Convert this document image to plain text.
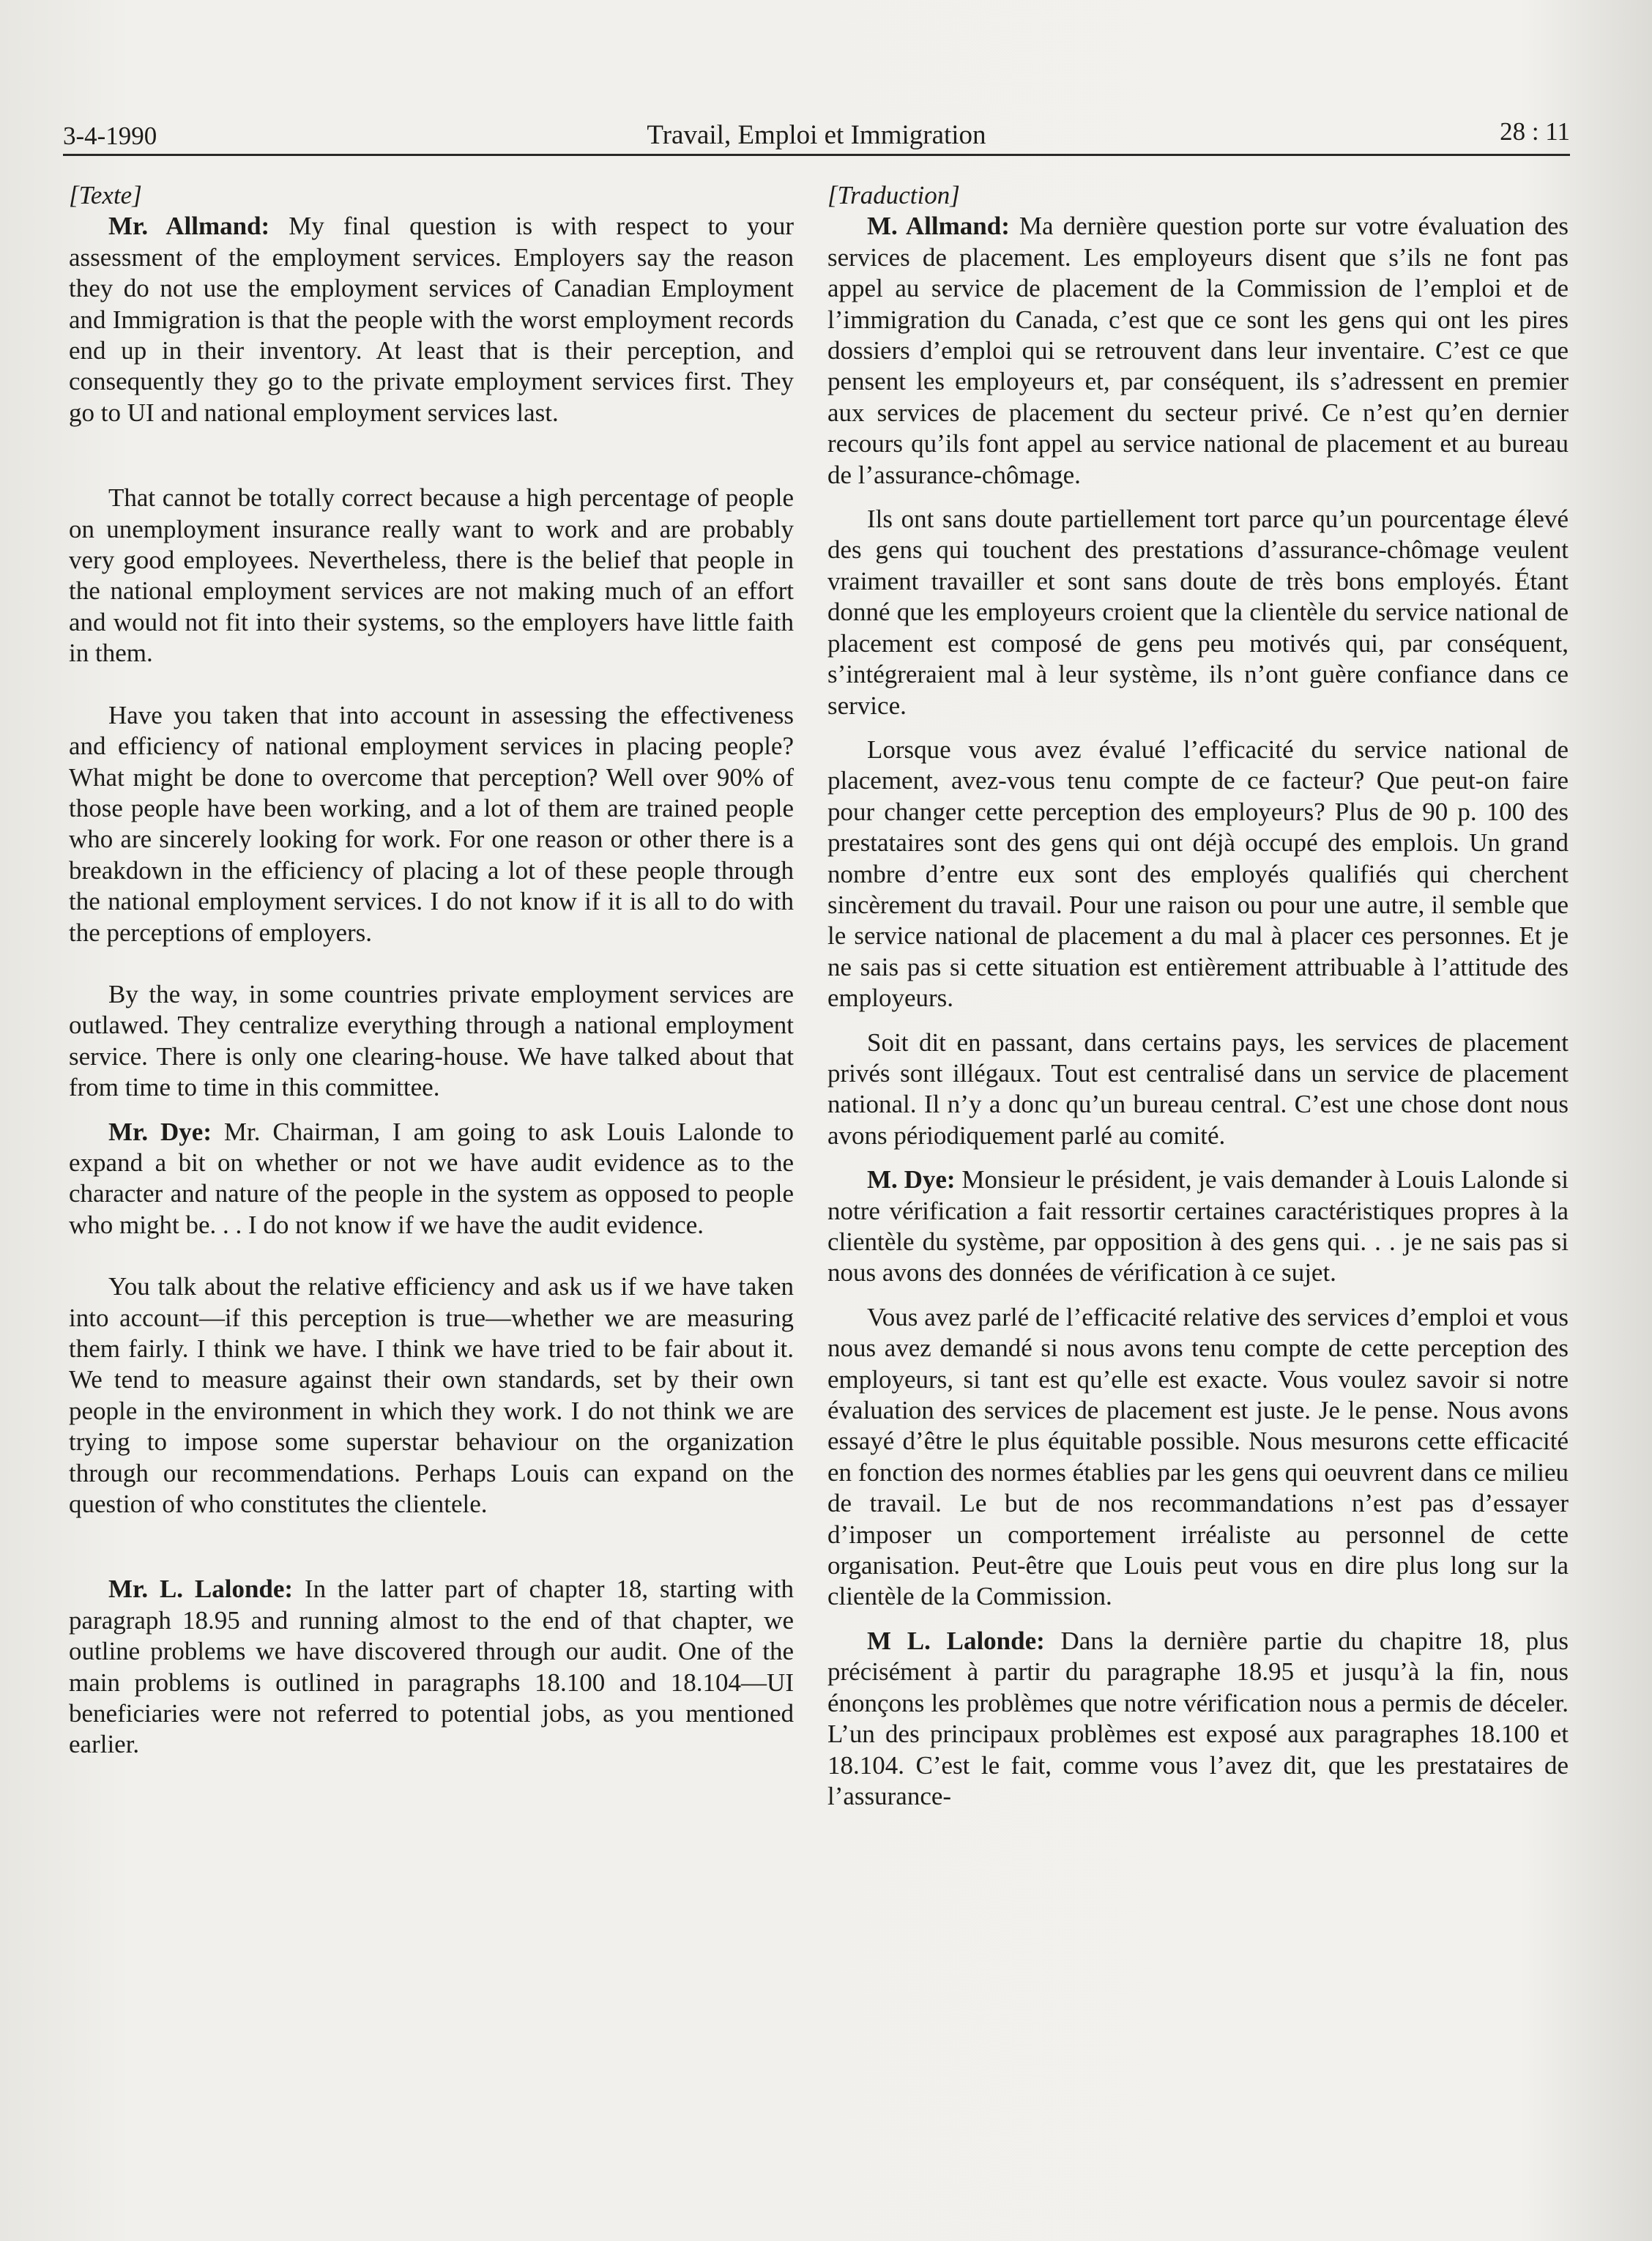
3-4-1990	Travail, Emploi et Immigration	28 : 11

[Texte]

Mr. Allmand: My final question is with respect to your assessment of the employment services. Employers say the reason they do not use the employment services of Canadian Employment and Immigration is that the people with the worst employment records end up in their inventory. At least that is their perception, and consequently they go to the private employment services first. They go to UI and national employment services last.

That cannot be totally correct because a high percentage of people on unemployment insurance really want to work and are probably very good employees. Nevertheless, there is the belief that people in the national employment services are not making much of an effort and would not fit into their systems, so the employers have little faith in them.

Have you taken that into account in assessing the effectiveness and efficiency of national employment services in placing people? What might be done to overcome that perception? Well over 90% of those people have been working, and a lot of them are trained people who are sincerely looking for work. For one reason or other there is a breakdown in the efficiency of placing a lot of these people through the national employment services. I do not know if it is all to do with the perceptions of employers.

By the way, in some countries private employment services are outlawed. They centralize everything through a national employment service. There is only one clearing-house. We have talked about that from time to time in this committee.

Mr. Dye: Mr. Chairman, I am going to ask Louis Lalonde to expand a bit on whether or not we have audit evidence as to the character and nature of the people in the system as opposed to people who might be. . . I do not know if we have the audit evidence.

You talk about the relative efficiency and ask us if we have taken into account—if this perception is true—whether we are measuring them fairly. I think we have. I think we have tried to be fair about it. We tend to measure against their own standards, set by their own people in the environment in which they work. I do not think we are trying to impose some superstar behaviour on the organization through our recommendations. Perhaps Louis can expand on the question of who constitutes the clientele.

Mr. L. Lalonde: In the latter part of chapter 18, starting with paragraph 18.95 and running almost to the end of that chapter, we outline problems we have discovered through our audit. One of the main problems is outlined in paragraphs 18.100 and 18.104—UI beneficiaries were not referred to potential jobs, as you mentioned earlier.

[Traduction]

M. Allmand: Ma dernière question porte sur votre évaluation des services de placement. Les employeurs disent que s’ils ne font pas appel au service de placement de la Commission de l’emploi et de l’immigration du Canada, c’est que ce sont les gens qui ont les pires dossiers d’emploi qui se retrouvent dans leur inventaire. C’est ce que pensent les employeurs et, par conséquent, ils s’adressent en premier aux services de placement du secteur privé. Ce n’est qu’en dernier recours qu’ils font appel au service national de placement et au bureau de l’assurance-chômage.

Ils ont sans doute partiellement tort parce qu’un pourcentage élevé des gens qui touchent des prestations d’assurance-chômage veulent vraiment travailler et sont sans doute de très bons employés. Étant donné que les employeurs croient que la clientèle du service national de placement est composé de gens peu motivés qui, par conséquent, s’intégreraient mal à leur système, ils n’ont guère confiance dans ce service.

Lorsque vous avez évalué l’efficacité du service national de placement, avez-vous tenu compte de ce facteur? Que peut-on faire pour changer cette perception des employeurs? Plus de 90 p. 100 des prestataires sont des gens qui ont déjà occupé des emplois. Un grand nombre d’entre eux sont des employés qualifiés qui cherchent sincèrement du travail. Pour une raison ou pour une autre, il semble que le service national de placement a du mal à placer ces personnes. Et je ne sais pas si cette situation est entièrement attribuable à l’attitude des employeurs.

Soit dit en passant, dans certains pays, les services de placement privés sont illégaux. Tout est centralisé dans un service de placement national. Il n’y a donc qu’un bureau central. C’est une chose dont nous avons périodiquement parlé au comité.

M. Dye: Monsieur le président, je vais demander à Louis Lalonde si notre vérification a fait ressortir certaines caractéristiques propres à la clientèle du système, par opposition à des gens qui. . . je ne sais pas si nous avons des données de vérification à ce sujet.

Vous avez parlé de l’efficacité relative des services d’emploi et vous nous avez demandé si nous avons tenu compte de cette perception des employeurs, si tant est qu’elle est exacte. Vous voulez savoir si notre évaluation des services de placement est juste. Je le pense. Nous avons essayé d’être le plus équitable possible. Nous mesurons cette efficacité en fonction des normes établies par les gens qui oeuvrent dans ce milieu de travail. Le but de nos recommandations n’est pas d’essayer d’imposer un comportement irréaliste au personnel de cette organisation. Peut-être que Louis peut vous en dire plus long sur la clientèle de la Commission.

M L. Lalonde: Dans la dernière partie du chapitre 18, plus précisément à partir du paragraphe 18.95 et jusqu’à la fin, nous énonçons les problèmes que notre vérification nous a permis de déceler. L’un des principaux problèmes est exposé aux paragraphes 18.100 et 18.104. C’est le fait, comme vous l’avez dit, que les prestataires de l’assurance-
